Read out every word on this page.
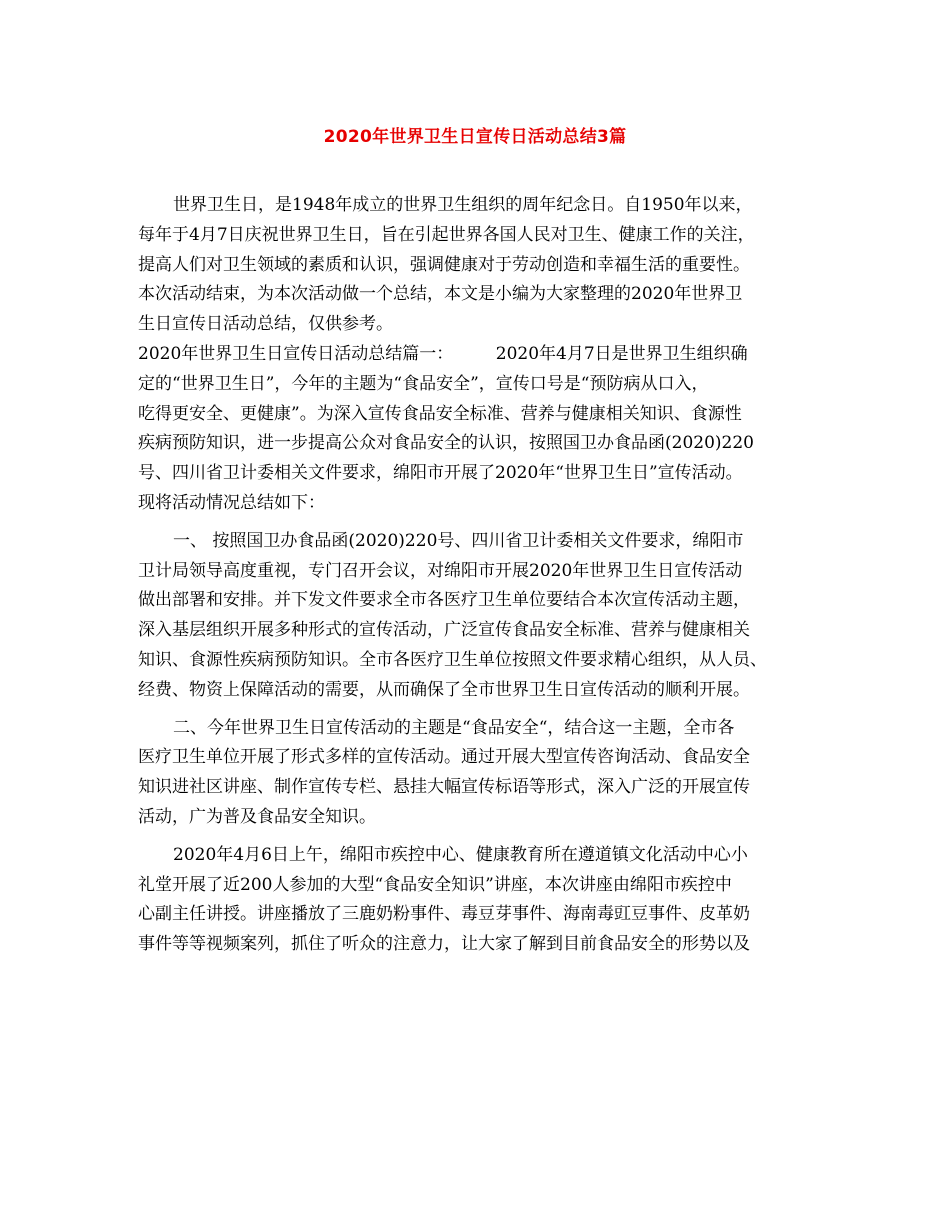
2020年世界卫生日宣传日活动总结3篇
世界卫生日，是1948年成立的世界卫生组织的周年纪念日。自1950年以来，
每年于4月7日庆祝世界卫生日，旨在引起世界各国人民对卫生、健康工作的关注，
提高人们对卫生领域的素质和认识，强调健康对于劳动创造和幸福生活的重要性。
本次活动结束，为本次活动做一个总结，本文是小编为大家整理的2020年世界卫
生日宣传日活动总结，仅供参考。
2020年世界卫生日宣传日活动总结篇一：　　　2020年4月7日是世界卫生组织确
定的“世界卫生日”，今年的主题为“食品安全”，宣传口号是“预防病从口入，
吃得更安全、更健康”。为深入宣传食品安全标准、营养与健康相关知识、食源性
疾病预防知识，进一步提高公众对食品安全的认识，按照国卫办食品函(2020)220
号、四川省卫计委相关文件要求，绵阳市开展了2020年“世界卫生日”宣传活动。
现将活动情况总结如下：
一、 按照国卫办食品函(2020)220号、四川省卫计委相关文件要求，绵阳市
卫计局领导高度重视，专门召开会议，对绵阳市开展2020年世界卫生日宣传活动
做出部署和安排。并下发文件要求全市各医疗卫生单位要结合本次宣传活动主题，
深入基层组织开展多种形式的宣传活动，广泛宣传食品安全标准、营养与健康相关
知识、食源性疾病预防知识。全市各医疗卫生单位按照文件要求精心组织，从人员、
经费、物资上保障活动的需要，从而确保了全市世界卫生日宣传活动的顺利开展。
二、今年世界卫生日宣传活动的主题是“食品安全“，结合这一主题，全市各
医疗卫生单位开展了形式多样的宣传活动。通过开展大型宣传咨询活动、食品安全
知识进社区讲座、制作宣传专栏、悬挂大幅宣传标语等形式，深入广泛的开展宣传
活动，广为普及食品安全知识。
2020年4月6日上午，绵阳市疾控中心、健康教育所在遵道镇文化活动中心小
礼堂开展了近200人参加的大型“食品安全知识”讲座，本次讲座由绵阳市疾控中
心副主任讲授。讲座播放了三鹿奶粉事件、毒豆芽事件、海南毒豇豆事件、皮革奶
事件等等视频案列，抓住了听众的注意力，让大家了解到目前食品安全的形势以及
